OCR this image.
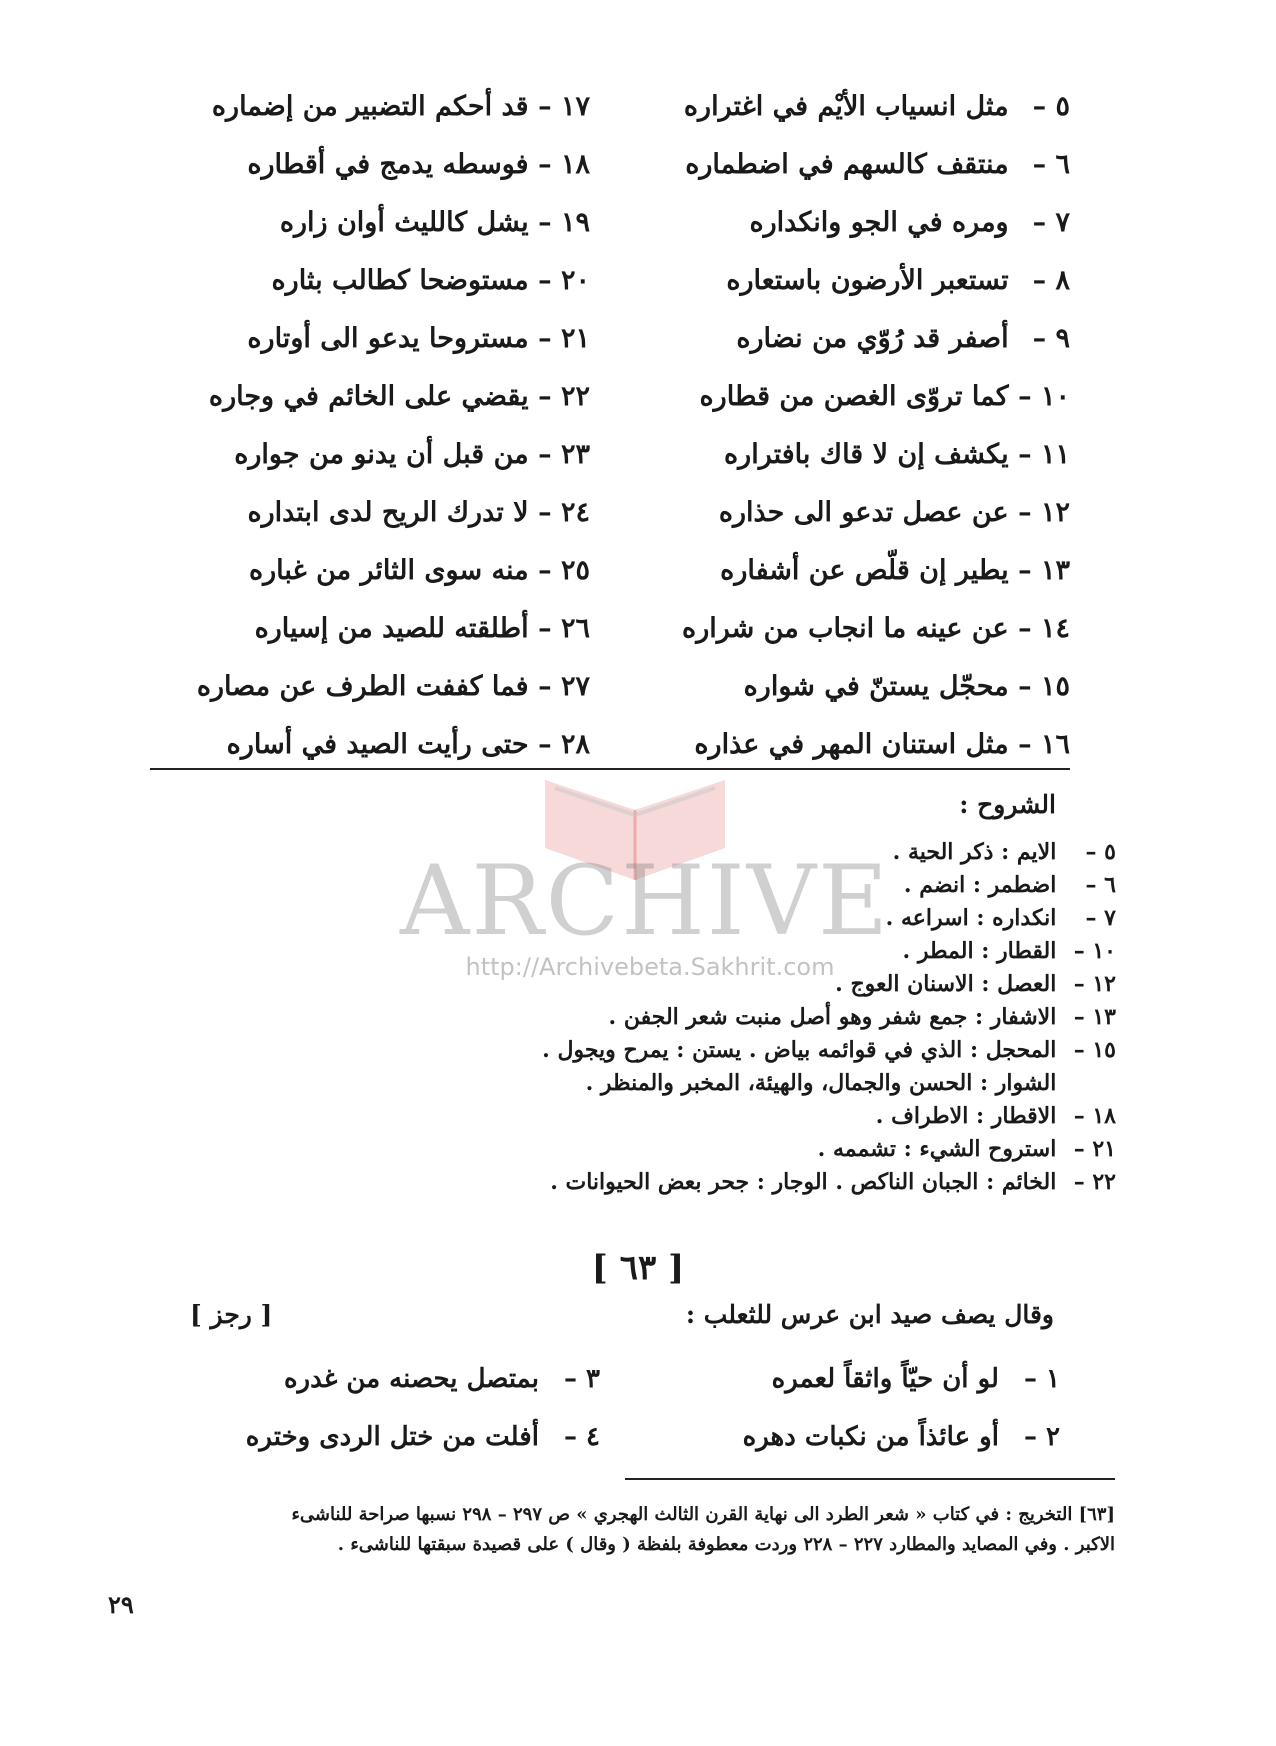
٥ – مثل انسياب الأيْم في اغتراره
٦ – منتقف كالسهم في اضطماره
٧ – ومره في الجو وانكداره
٨ – تستعبر الأرضون باستعاره
٩ – أصفر قد رُوّي من نضاره
١٠ – كما تروّى الغصن من قطاره
١١ – يكشف إن لا قاك بافتراره
١٢ – عن عصل تدعو الى حذاره
١٣ – يطير إن قلّص عن أشفاره
١٤ – عن عينه ما انجاب من شراره
١٥ – محجّل يستنّ في شواره
١٦ – مثل استنان المهر في عذاره
١٧ – قد أحكم التضبير من إضماره
١٨ – فوسطه يدمج في أقطاره
١٩ – يشل كالليث أوان زاره
٢٠ – مستوضحا كطالب بثاره
٢١ – مستروحا يدعو الى أوتاره
٢٢ – يقضي على الخائم في وجاره
٢٣ – من قبل أن يدنو من جواره
٢٤ – لا تدرك الريح لدى ابتداره
٢٥ – منه سوى الثائر من غباره
٢٦ – أطلقته للصيد من إسياره
٢٧ – فما كففت الطرف عن مصاره
٢٨ – حتى رأيت الصيد في أساره
ARCHIVE
http://Archivebeta.Sakhrit.com
الشروح :
٥ – الايم : ذكر الحية .
٦ – اضطمر : انضم .
٧ – انكداره : اسراعه .
١٠ – القطار : المطر .
١٢ – العصل : الاسنان العوج .
١٣ – الاشفار : جمع شفر وهو أصل منبت شعر الجفن .
١٥ – المحجل : الذي في قوائمه بياض . يستن : يمرح ويجول .
الشوار : الحسن والجمال، والهيئة، المخبر والمنظر .
١٨ – الاقطار : الاطراف .
٢١ – استروح الشيء : تشممه .
٢٢ – الخائم : الجبان الناكص . الوجار : جحر بعض الحيوانات .
[ ٦٣ ]
وقال يصف صيد ابن عرس للثعلب :
[ رجز ]
١ – لو أن حيّاً واثقاً لعمره
٢ – أو عائذاً من نكبات دهره
٣ – بمتصل يحصنه من غدره
٤ – أفلت من ختل الردى وختره
[٦٣] التخريج : في كتاب « شعر الطرد الى نهاية القرن الثالث الهجري » ص ٢٩٧ – ٢٩٨ نسبها صراحة للناشىء
الاكبر . وفي المصايد والمطارد ٢٢٧ – ٢٢٨ وردت معطوفة بلفظة ( وقال ) على قصيدة سبقتها للناشىء .
٢٩
